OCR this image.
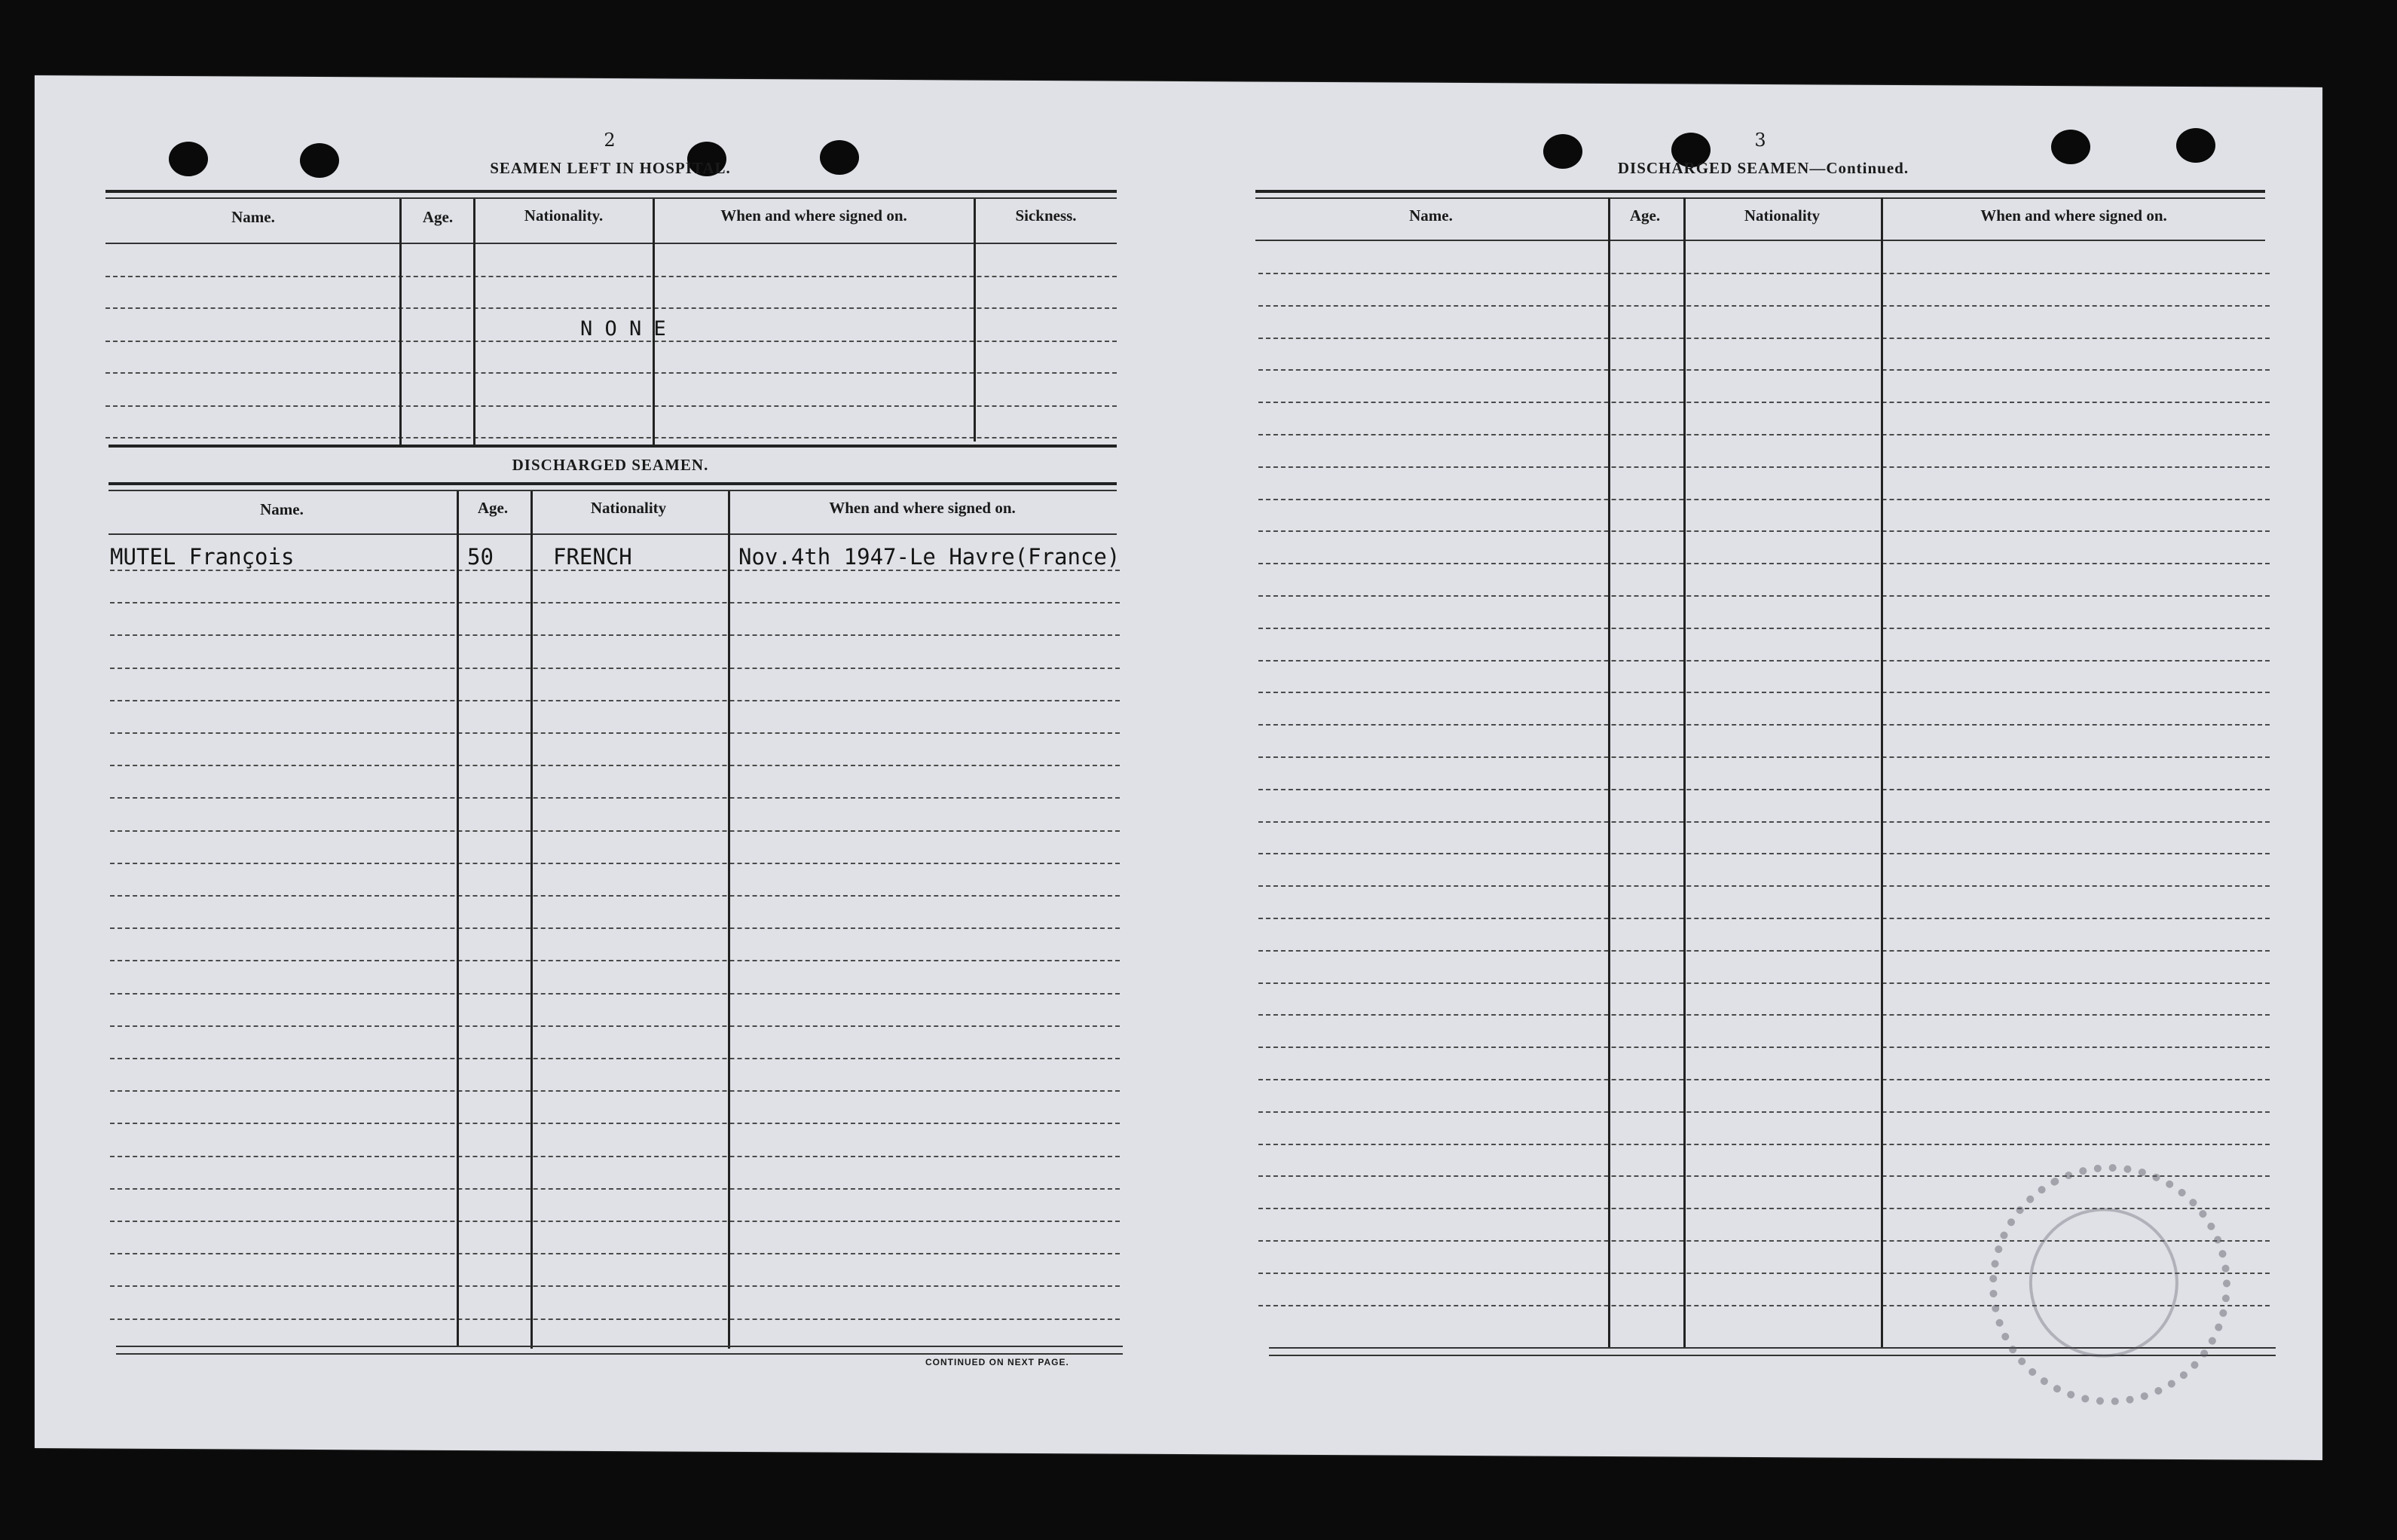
2
SEAMEN LEFT IN HOSPITAL.
Name.	Age.	Nationality.	When and where signed on.	Sickness.
N O N E
DISCHARGED SEAMEN.
Name.	Age.	Nationality	When and where signed on.
MUTEL François	50	FRENCH	Nov.4th 1947-Le Havre(France)
CONTINUED ON NEXT PAGE.
3
DISCHARGED SEAMEN—Continued.
Name.	Age.	Nationality	When and where signed on.
